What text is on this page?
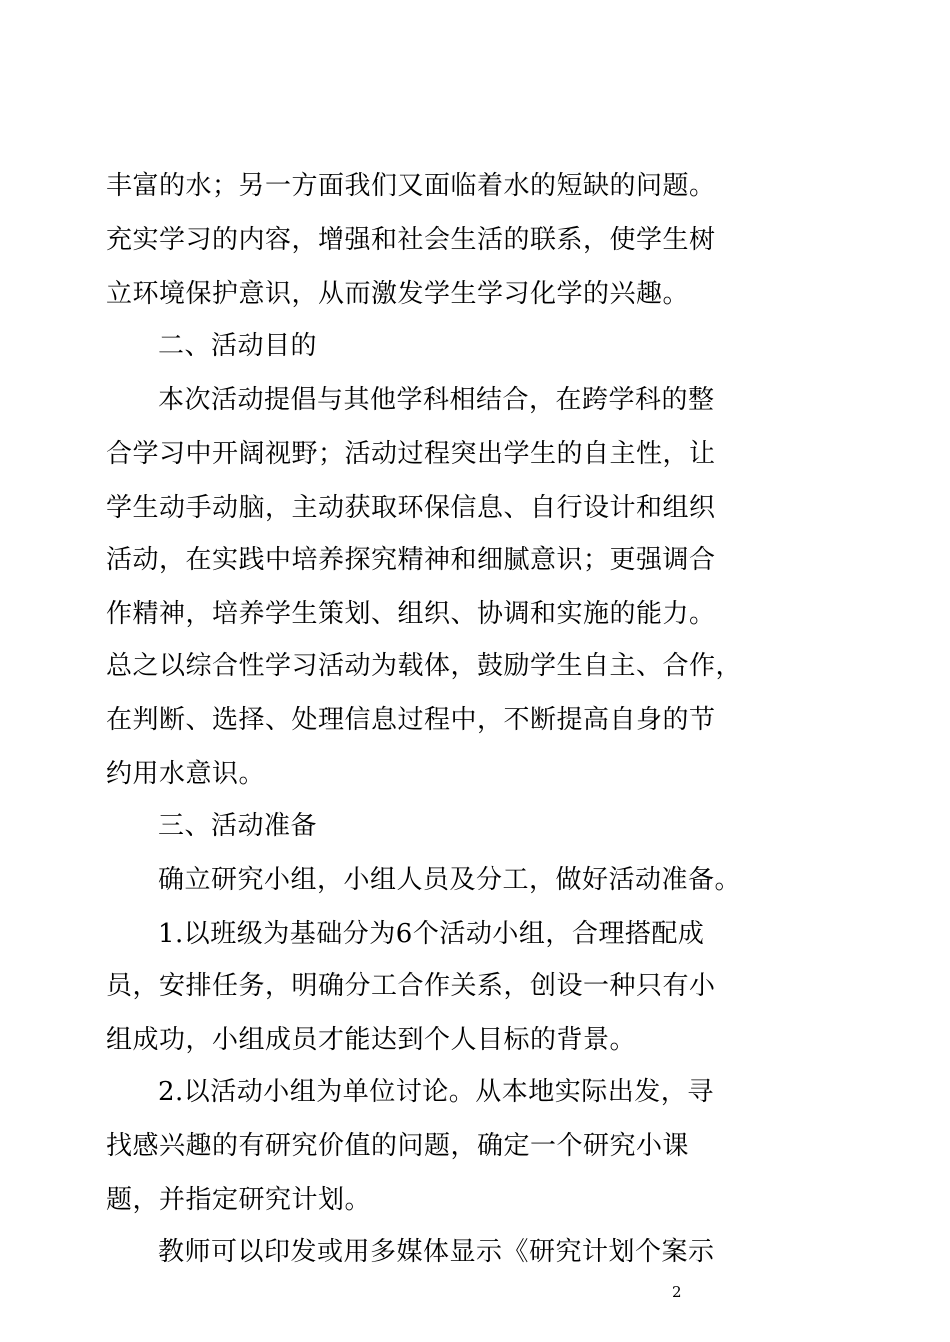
丰富的水；另一方面我们又面临着水的短缺的问题。
充实学习的内容，增强和社会生活的联系，使学生树
立环境保护意识，从而激发学生学习化学的兴趣。
二、活动目的
本次活动提倡与其他学科相结合，在跨学科的整
合学习中开阔视野；活动过程突出学生的自主性，让
学生动手动脑，主动获取环保信息、自行设计和组织
活动，在实践中培养探究精神和细腻意识；更强调合
作精神，培养学生策划、组织、协调和实施的能力。
总之以综合性学习活动为载体，鼓励学生自主、合作，
在判断、选择、处理信息过程中，不断提高自身的节
约用水意识。
三、活动准备
确立研究小组，小组人员及分工，做好活动准备。
1.以班级为基础分为6个活动小组，合理搭配成
员，安排任务，明确分工合作关系，创设一种只有小
组成功，小组成员才能达到个人目标的背景。
2.以活动小组为单位讨论。从本地实际出发，寻
找感兴趣的有研究价值的问题，确定一个研究小课
题，并指定研究计划。
教师可以印发或用多媒体显示《研究计划个案示
2
